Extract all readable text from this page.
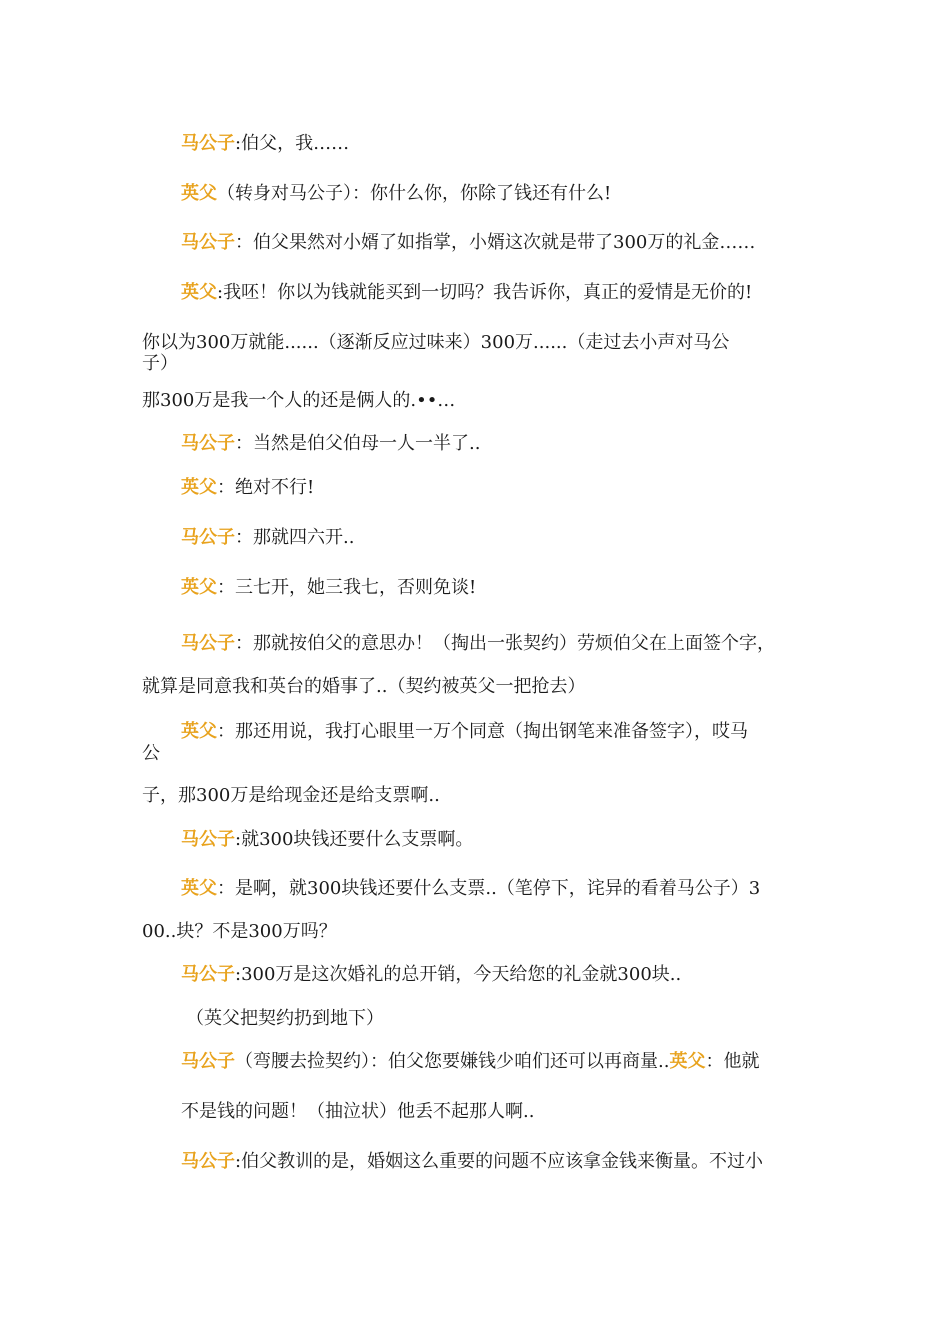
马公子:伯父，我……
英父（转身对马公子）：你什么你，你除了钱还有什么!
马公子：伯父果然对小婿了如指掌，小婿这次就是带了300万的礼金……
英父:我呸！你以为钱就能买到一切吗？我告诉你，真正的爱情是无价的!
你以为300万就能......（逐渐反应过味来）300万......（走过去小声对马公
子）
那300万是我一个人的还是俩人的.••…
马公子：当然是伯父伯母一人一半了..
英父：绝对不行!
马公子：那就四六开..
英父：三七开，她三我七，否则免谈!
马公子：那就按伯父的意思办！（掏出一张契约）劳烦伯父在上面签个字，
就算是同意我和英台的婚事了..（契约被英父一把抢去）
英父：那还用说，我打心眼里一万个同意（掏出钢笔来准备签字），哎马
公
子，那300万是给现金还是给支票啊..
马公子:就300块钱还要什么支票啊。
英父：是啊，就300块钱还要什么支票..（笔停下，诧异的看着马公子）3
00..块？不是300万吗？
马公子:300万是这次婚礼的总开销，今天给您的礼金就300块..
（英父把契约扔到地下）
马公子（弯腰去捡契约）：伯父您要嫌钱少咱们还可以再商量..英父：他就
不是钱的问题！（抽泣状）他丢不起那人啊..
马公子:伯父教训的是，婚姻这么重要的问题不应该拿金钱来衡量。不过小
